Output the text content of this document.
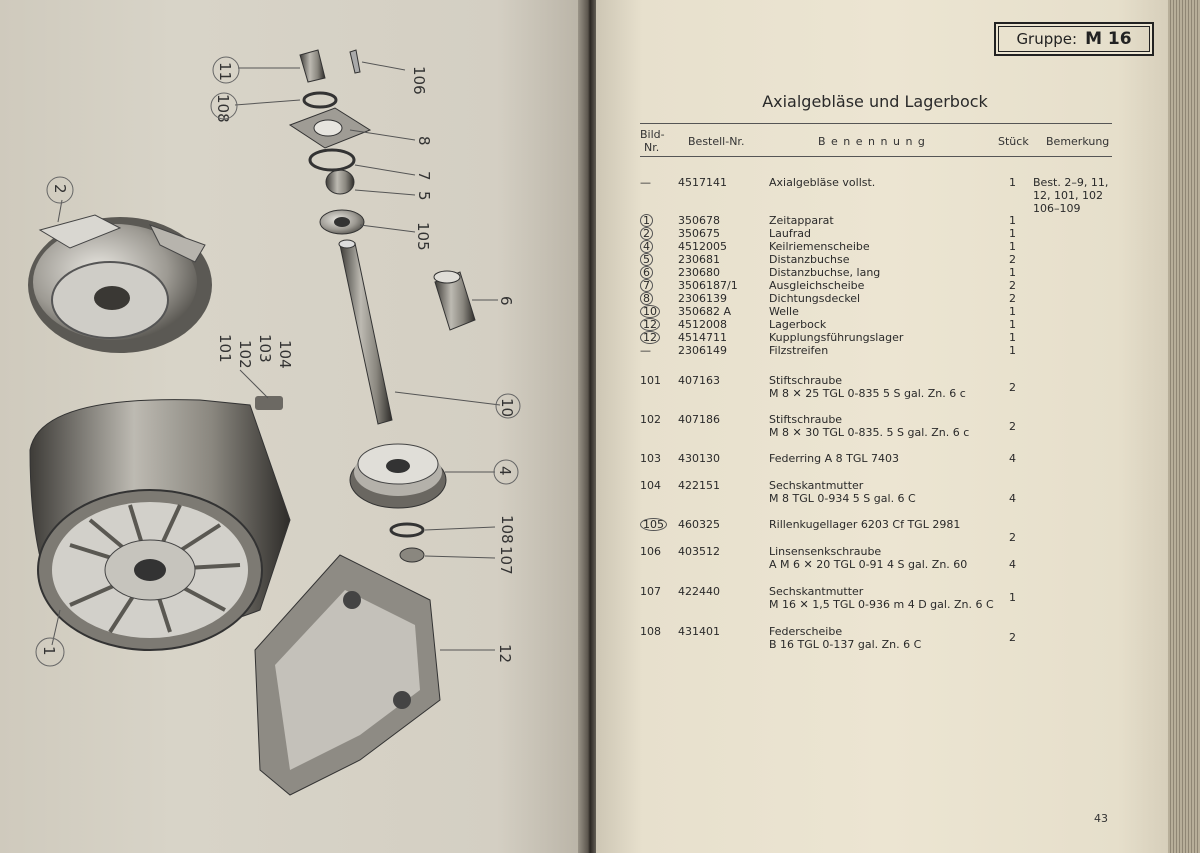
11	106
108
8
7
5
105
6
2
101 102 103 104
10
4
108
107
12
1
Gruppe: M 16
Axialgebläse und Lagerbock
Bild-
Nr.	Bestell-Nr.	B e n e n n u n g	Stück Bemerkung
— 4517141	Axialgebläse vollst.	1 Best. 2–9, 11,
12, 101, 102
106–109
1	350678	Zeitapparat	1
2	350675	Laufrad	1
4	4512005	Keilriemenscheibe	1
5	230681	Distanzbuchse	2
6	230680	Distanzbuchse, lang	1
7	3506187/1	Ausgleichscheibe	2
8	2306139	Dichtungsdeckel	2
10 350682 A	Welle	1
12 4512008	Lagerbock	1
12 4514711	Kupplungsführungslager	1
— 2306149	Filzstreifen	1
101 407163	Stiftschraube
M 8 ✕ 25 TGL 0-835 5 S gal. Zn. 6 c	2
102 407186	Stiftschraube
M 8 ✕ 30 TGL 0-835. 5 S gal. Zn. 6 c	2
103 430130	Federring A 8 TGL 7403	4
104 422151	Sechskantmutter
M 8 TGL 0-934 5 S gal. 6 C	4
105 460325	Rillenkugellager 6203 Cf TGL 2981
2
106 403512	Linsensenkschraube
A M 6 ✕ 20 TGL 0-91 4 S gal. Zn. 60	4
107 422440	Sechskantmutter
M 16 ✕ 1,5 TGL 0-936 m 4 D gal. Zn. 6 C
1
108 431401	Federscheibe
B 16 TGL 0-137 gal. Zn. 6 C
2
43
